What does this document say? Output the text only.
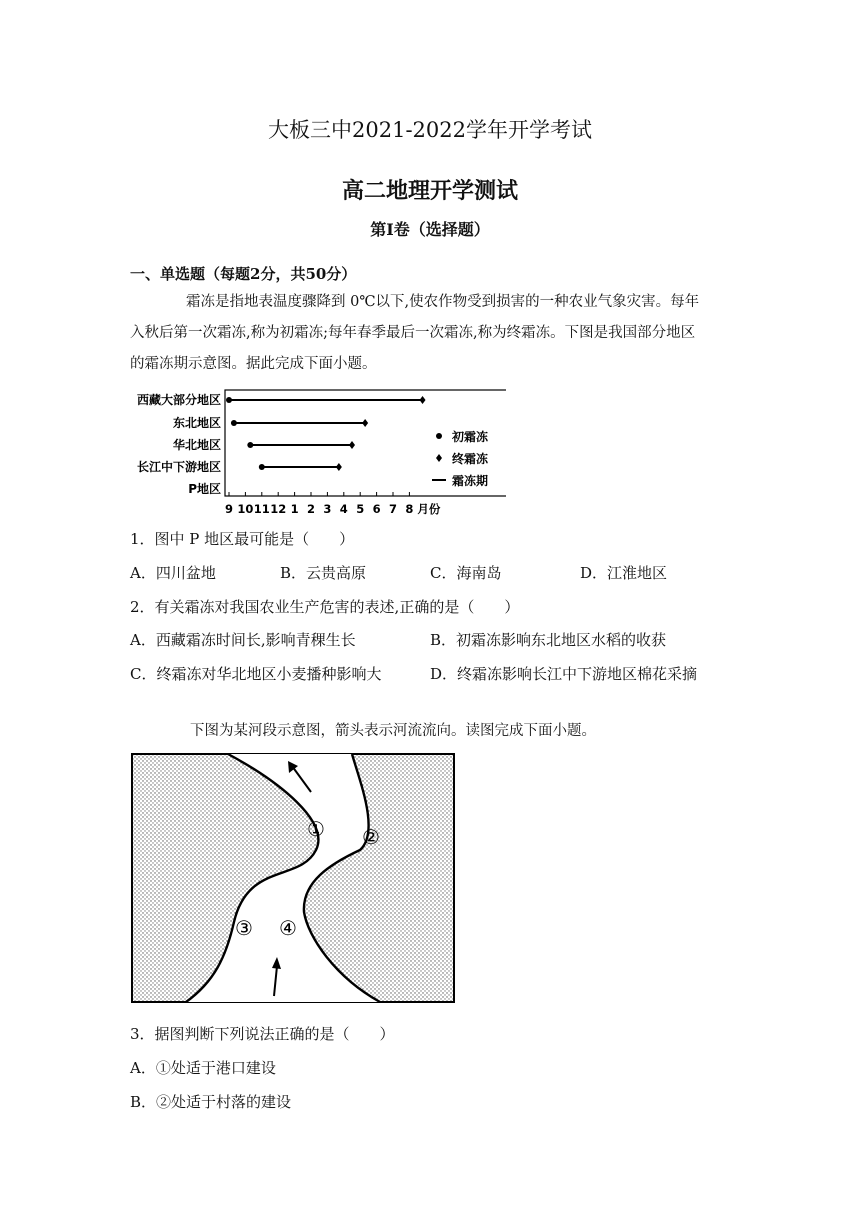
大板三中2021-2022学年开学考试
高二地理开学测试
第Ⅰ卷（选择题）
一、单选题（每题2分，共50分）
霜冻是指地表温度骤降到 0℃以下,使农作物受到损害的一种农业气象灾害。每年
入秋后第一次霜冻,称为初霜冻;每年春季最后一次霜冻,称为终霜冻。下图是我国部分地区
的霜冻期示意图。据此完成下面小题。
西藏大部分地区
东北地区
华北地区
长江中下游地区
P地区
9 10 11 12 1 2 3 4 5 6 7 8 月份
初霜冻
终霜冻
霜冻期
1．图中 P 地区最可能是（　　）
A．四川盆地	B．云贵高原	C．海南岛	D．江淮地区
2．有关霜冻对我国农业生产危害的表述,正确的是（　　）
A．西藏霜冻时间长,影响青稞生长	B．初霜冻影响东北地区水稻的收获
C．终霜冻对华北地区小麦播种影响大	D．终霜冻影响长江中下游地区棉花采摘
下图为某河段示意图，箭头表示河流流向。读图完成下面小题。
① ②
③ ④
3．据图判断下列说法正确的是（　　）
A．①处适于港口建设
B．②处适于村落的建设
